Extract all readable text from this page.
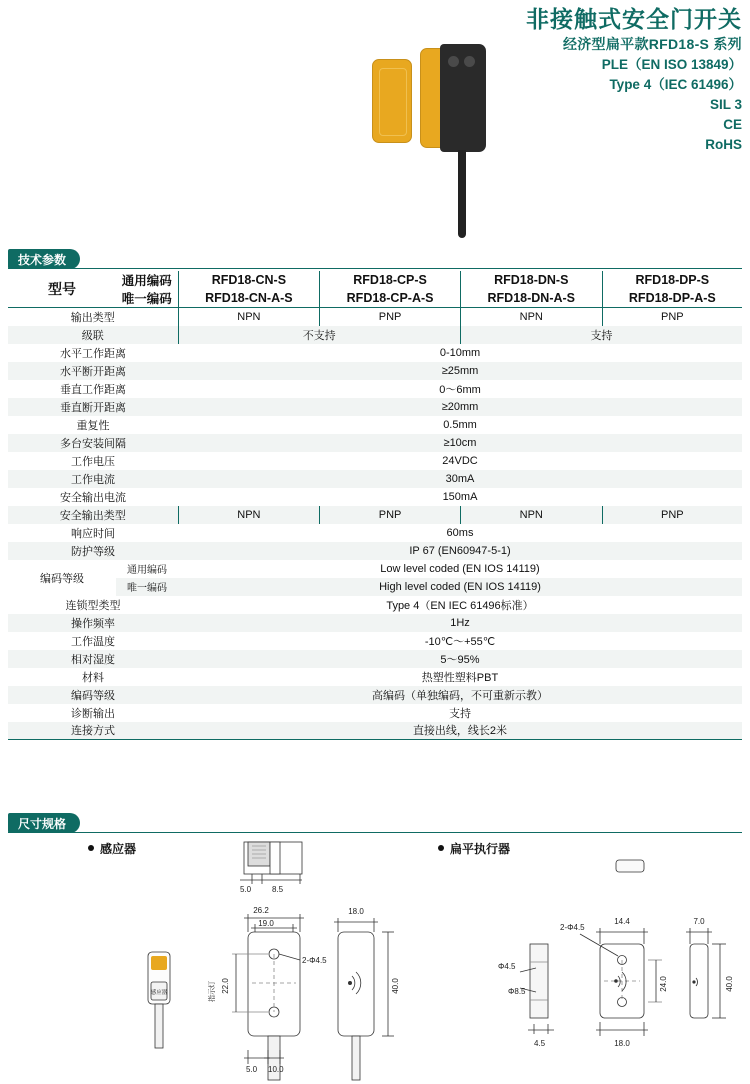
非接触式安全门开关
经济型扁平款RFD18-S 系列
PLE（EN ISO 13849）
Type 4（IEC 61496）
SIL 3
CE
RoHS
技术参数
型号	通用编码	RFD18-CN-S	RFD18-CP-S	RFD18-DN-S	RFD18-DP-S
	唯一编码	RFD18-CN-A-S	RFD18-CP-A-S	RFD18-DN-A-S	RFD18-DP-A-S
输出类型		NPN	PNP	NPN	PNP
级联		不支持		支持	
水平工作距离		0-10mm			
水平断开距离		≥25mm			
垂直工作距离		0～6mm			
垂直断开距离		≥20mm			
重复性		0.5mm			
多台安装间隔		≥10cm			
工作电压		24VDC			
工作电流		30mA			
安全输出电流		150mA			
安全输出类型		NPN	PNP	NPN	PNP
响应时间		60ms			
防护等级		IP 67 (EN60947-5-1)			
编码等级	通用编码	Low level coded (EN IOS 14119)			
	唯一编码	High level coded (EN IOS 14119)			
连锁型类型		Type 4（EN IEC 61496标准）			
操作频率		1Hz			
工作温度		-10℃～+55℃			
相对湿度		5～95%			
材料		热塑性塑料PBT			
编码等级		高编码（单独编码，不可重新示教）			
诊断输出		支持			
连接方式		直接出线，线长2米			
尺寸规格
感应器	扁平执行器
5.0	8.5
26.2
19.0
22.0
2-Φ4.5
指示灯
5.0 10.0
18.0
40.0
Φ4.5
Φ8.5
4.5
2-Φ4.5
14.4
24.0
18.0
7.0
40.0
感应器
